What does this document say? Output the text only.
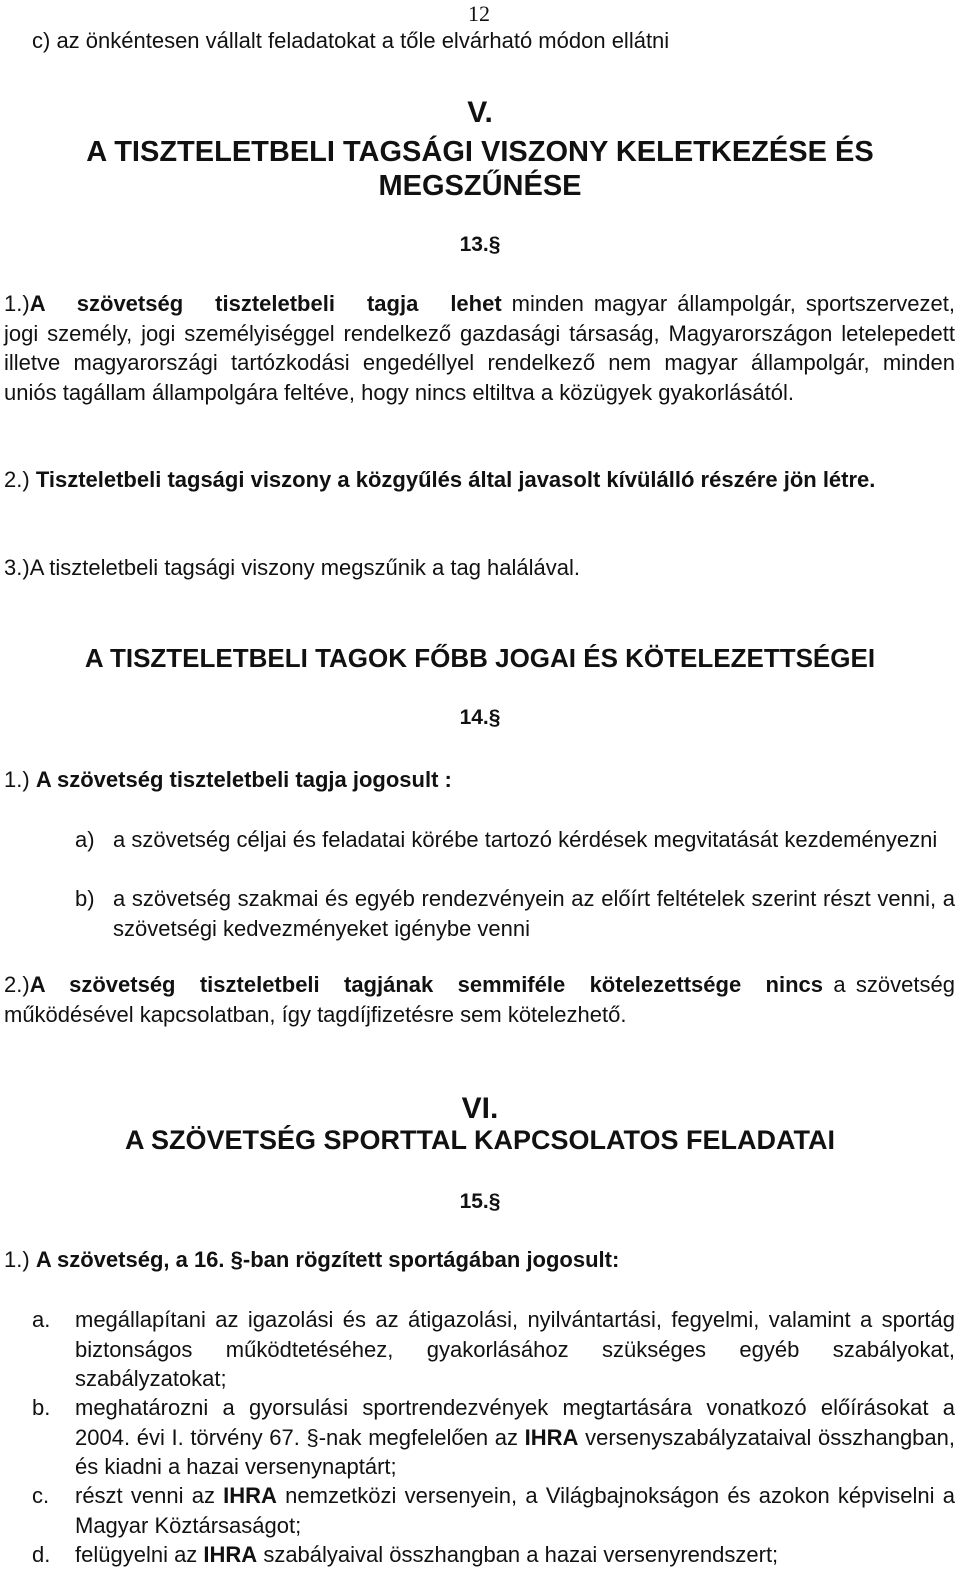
12
c) az önkéntesen vállalt feladatokat a tőle elvárható módon ellátni
V.
A TISZTELETBELI TAGSÁGI VISZONY KELETKEZÉSE ÉS
MEGSZŰNÉSE
13.§
1.)A szövetség tiszteletbeli tagja lehet minden magyar állampolgár, sportszervezet, jogi személy, jogi személyiséggel rendelkező gazdasági társaság, Magyarországon letelepedett illetve magyarországi tartózkodási engedéllyel rendelkező nem magyar állampolgár, minden uniós tagállam állampolgára feltéve, hogy nincs eltiltva a közügyek gyakorlásától.
2.) Tiszteletbeli tagsági viszony a közgyűlés által javasolt kívülálló részére jön létre.
3.)A tiszteletbeli tagsági viszony megszűnik a tag halálával.
A TISZTELETBELI TAGOK FŐBB JOGAI ÉS KÖTELEZETTSÉGEI
14.§
1.) A szövetség tiszteletbeli tagja jogosult :
a) a szövetség céljai és feladatai körébe tartozó kérdések megvitatását kezdeményezni
b) a szövetség szakmai és egyéb rendezvényein az előírt feltételek szerint részt venni, a szövetségi kedvezményeket igénybe venni
2.)A szövetség tiszteletbeli tagjának semmiféle kötelezettsége nincs a szövetség működésével kapcsolatban, így tagdíjfizetésre sem kötelezhető.
VI.
A SZÖVETSÉG SPORTTAL KAPCSOLATOS FELADATAI
15.§
1.) A szövetség, a 16. §-ban rögzített sportágában jogosult:
a. megállapítani az igazolási és az átigazolási, nyilvántartási, fegyelmi, valamint a sportág biztonságos működtetéséhez, gyakorlásához szükséges egyéb szabályokat, szabályzatokat;
b. meghatározni a gyorsulási sportrendezvények megtartására vonatkozó előírásokat a 2004. évi I. törvény 67. §-nak megfelelően az IHRA versenyszabályzataival összhangban, és kiadni a hazai versenynaptárt;
c. részt venni az IHRA nemzetközi versenyein, a Világbajnokságon és azokon képviselni a Magyar Köztársaságot;
d. felügyelni az IHRA szabályaival összhangban a hazai versenyrendszert;
